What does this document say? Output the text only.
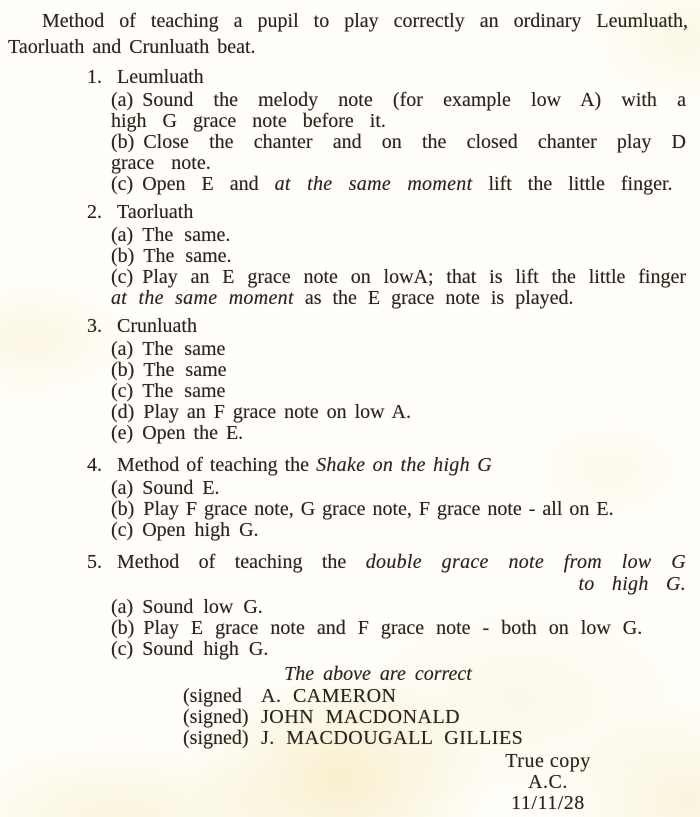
Method of teaching a pupil to play correctly an ordinary Leumluath, Taorluath and Crunluath beat.

1. Leumluath

(a) Sound the melody note (for example low A) with a high G grace note before it.

(b) Close the chanter and on the closed chanter play D grace note.

(c) Open E and at the same moment lift the little finger.

2. Taorluath

(a) The same.

(b) The same.

(c) Play an E grace note on lowA; that is lift the little finger at the same moment as the E grace note is played.

3. Crunluath

(a) The same

(b) The same

(c) The same

(d) Play an F grace note on low A.

(e) Open the E.

4. Method of teaching the Shake on the high G

(a) Sound E.

(b) Play F grace note, G grace note, F grace note - all on E.

(c) Open high G.

5. Method of teaching the double grace note from low G to high G.

(a) Sound low G.

(b) Play E grace note and F grace note - both on low G.

(c) Sound high G.

The above are correct

(signed A. CAMERON
(signed) JOHN MACDONALD
(signed) J. MACDOUGALL GILLIES
True copy
A.C.
11/11/28
